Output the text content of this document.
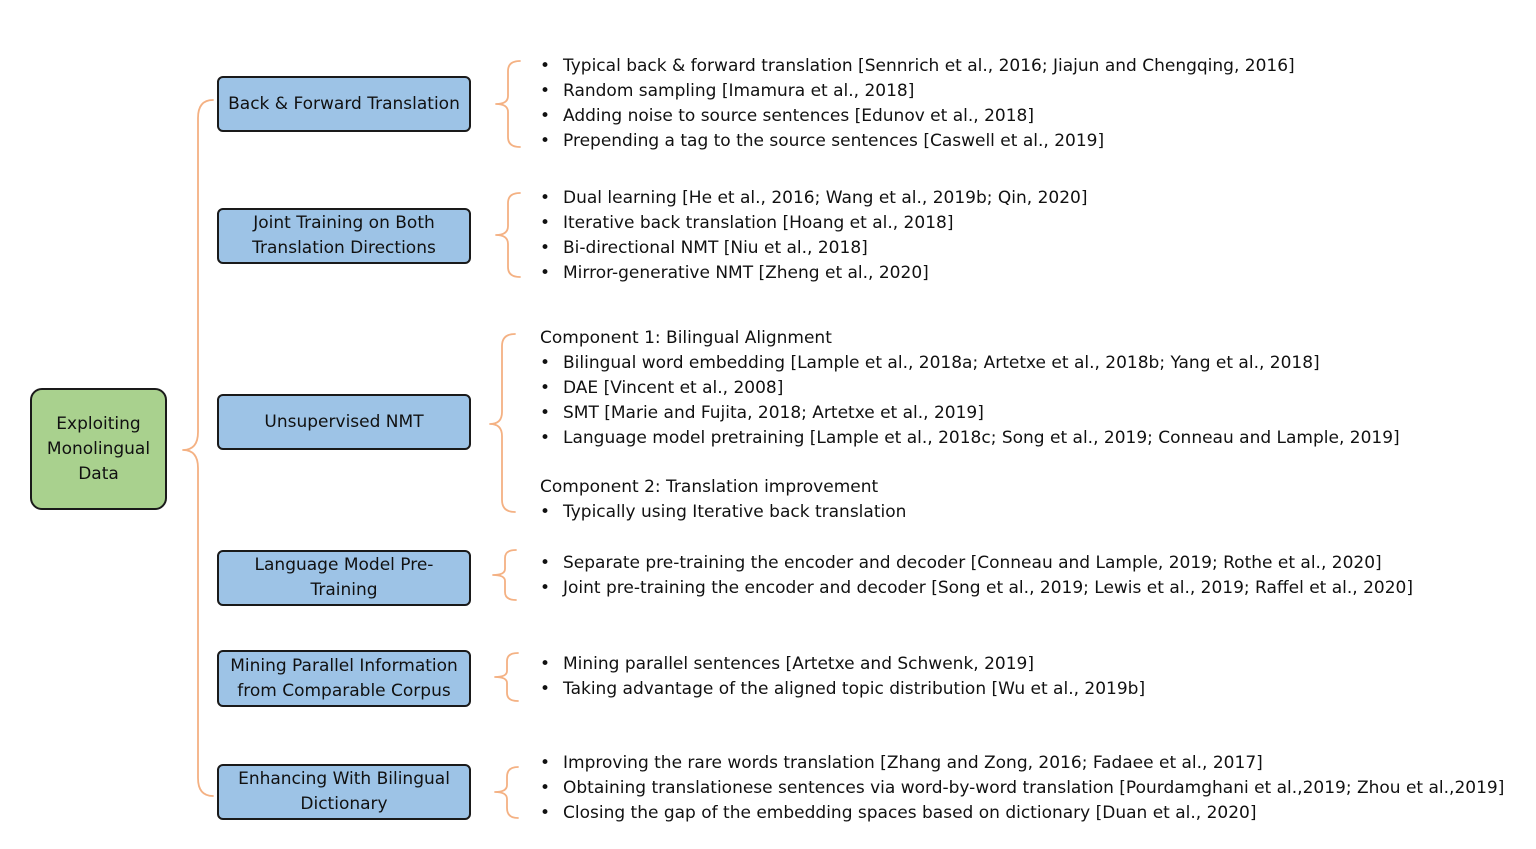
Exploiting
Monolingual
Data
Back & Forward Translation
Joint Training on Both
Translation Directions
Unsupervised NMT
Language Model Pre-
Training
Mining Parallel Information
from Comparable Corpus
Enhancing With Bilingual
Dictionary
• Typical back & forward translation [Sennrich et al., 2016; Jiajun and Chengqing, 2016]
• Random sampling [Imamura et al., 2018]
• Adding noise to source sentences [Edunov et al., 2018]
• Prepending a tag to the source sentences [Caswell et al., 2019]
• Dual learning [He et al., 2016; Wang et al., 2019b; Qin, 2020]
• Iterative back translation [Hoang et al., 2018]
• Bi-directional NMT [Niu et al., 2018]
• Mirror-generative NMT [Zheng et al., 2020]
Component 1: Bilingual Alignment
• Bilingual word embedding [Lample et al., 2018a; Artetxe et al., 2018b; Yang et al., 2018]
• DAE [Vincent et al., 2008]
• SMT [Marie and Fujita, 2018; Artetxe et al., 2019]
• Language model pretraining [Lample et al., 2018c; Song et al., 2019; Conneau and Lample, 2019]
Component 2: Translation improvement
• Typically using Iterative back translation
• Separate pre-training the encoder and decoder [Conneau and Lample, 2019; Rothe et al., 2020]
• Joint pre-training the encoder and decoder [Song et al., 2019; Lewis et al., 2019; Raffel et al., 2020]
• Mining parallel sentences [Artetxe and Schwenk, 2019]
• Taking advantage of the aligned topic distribution [Wu et al., 2019b]
• Improving the rare words translation [Zhang and Zong, 2016; Fadaee et al., 2017]
• Obtaining translationese sentences via word-by-word translation [Pourdamghani et al.,2019; Zhou et al.,2019]
• Closing the gap of the embedding spaces based on dictionary [Duan et al., 2020]
